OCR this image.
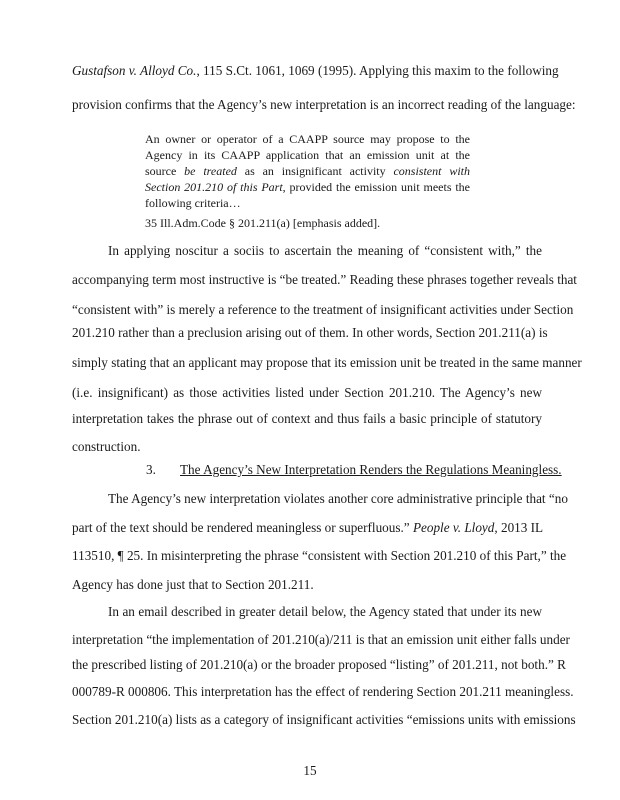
Gustafson v. Alloyd Co., 115 S.Ct. 1061, 1069 (1995). Applying this maxim to the following
provision confirms that the Agency’s new interpretation is an incorrect reading of the language:
An owner or operator of a CAAPP source may propose to the
Agency in its CAAPP application that an emission unit at the
source be treated as an insignificant activity consistent with
Section 201.210 of this Part, provided the emission unit meets the
following criteria…
35 Ill.Adm.Code § 201.211(a) [emphasis added].
In applying noscitur a sociis to ascertain the meaning of “consistent with,” the
accompanying term most instructive is “be treated.” Reading these phrases together reveals that
“consistent with” is merely a reference to the treatment of insignificant activities under Section
201.210 rather than a preclusion arising out of them. In other words, Section 201.211(a) is
simply stating that an applicant may propose that its emission unit be treated in the same manner
(i.e. insignificant) as those activities listed under Section 201.210. The Agency’s new
interpretation takes the phrase out of context and thus fails a basic principle of statutory
construction.
3. The Agency’s New Interpretation Renders the Regulations Meaningless.
The Agency’s new interpretation violates another core administrative principle that “no
part of the text should be rendered meaningless or superfluous.” People v. Lloyd, 2013 IL
113510, ¶ 25. In misinterpreting the phrase “consistent with Section 201.210 of this Part,” the
Agency has done just that to Section 201.211.
In an email described in greater detail below, the Agency stated that under its new
interpretation “the implementation of 201.210(a)/211 is that an emission unit either falls under
the prescribed listing of 201.210(a) or the broader proposed “listing” of 201.211, not both.” R
000789-R 000806. This interpretation has the effect of rendering Section 201.211 meaningless.
Section 201.210(a) lists as a category of insignificant activities “emissions units with emissions
15
